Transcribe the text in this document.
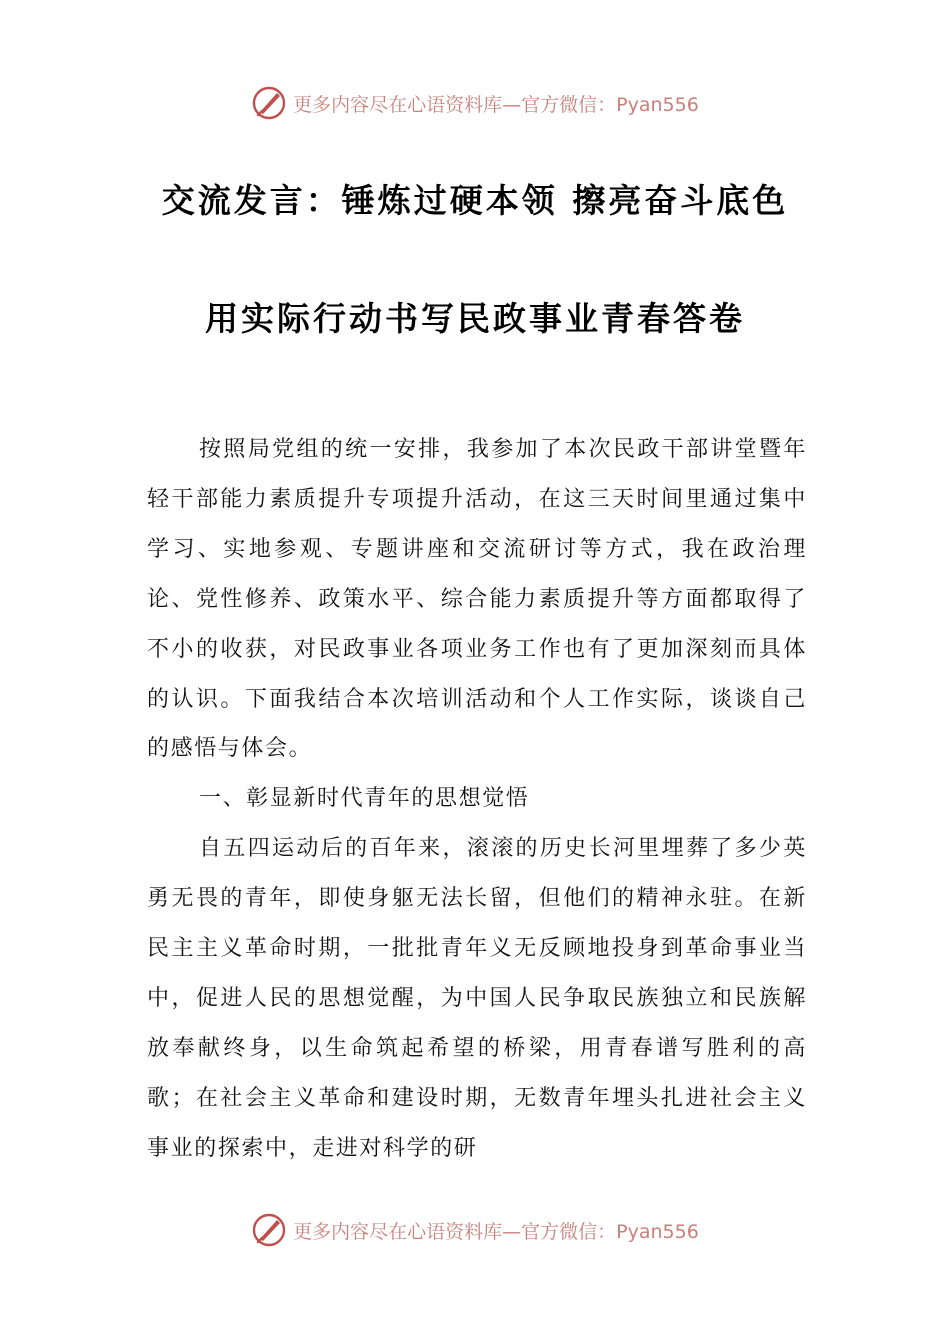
更多内容尽在心语资料库—官方微信：Pyan556
交流发言：锤炼过硬本领 擦亮奋斗底色
用实际行动书写民政事业青春答卷

按照局党组的统一安排，我参加了本次民政干部讲堂暨年轻干部能力素质提升专项提升活动，在这三天时间里通过集中学习、实地参观、专题讲座和交流研讨等方式，我在政治理论、党性修养、政策水平、综合能力素质提升等方面都取得了不小的收获，对民政事业各项业务工作也有了更加深刻而具体的认识。下面我结合本次培训活动和个人工作实际，谈谈自己的感悟与体会。

一、彰显新时代青年的思想觉悟

自五四运动后的百年来，滚滚的历史长河里埋葬了多少英勇无畏的青年，即使身躯无法长留，但他们的精神永驻。在新民主主义革命时期，一批批青年义无反顾地投身到革命事业当中，促进人民的思想觉醒，为中国人民争取民族独立和民族解放奉献终身，以生命筑起希望的桥梁，用青春谱写胜利的高歌；在社会主义革命和建设时期，无数青年埋头扎进社会主义事业的探索中，走进对科学的研

更多内容尽在心语资料库—官方微信：Pyan556
